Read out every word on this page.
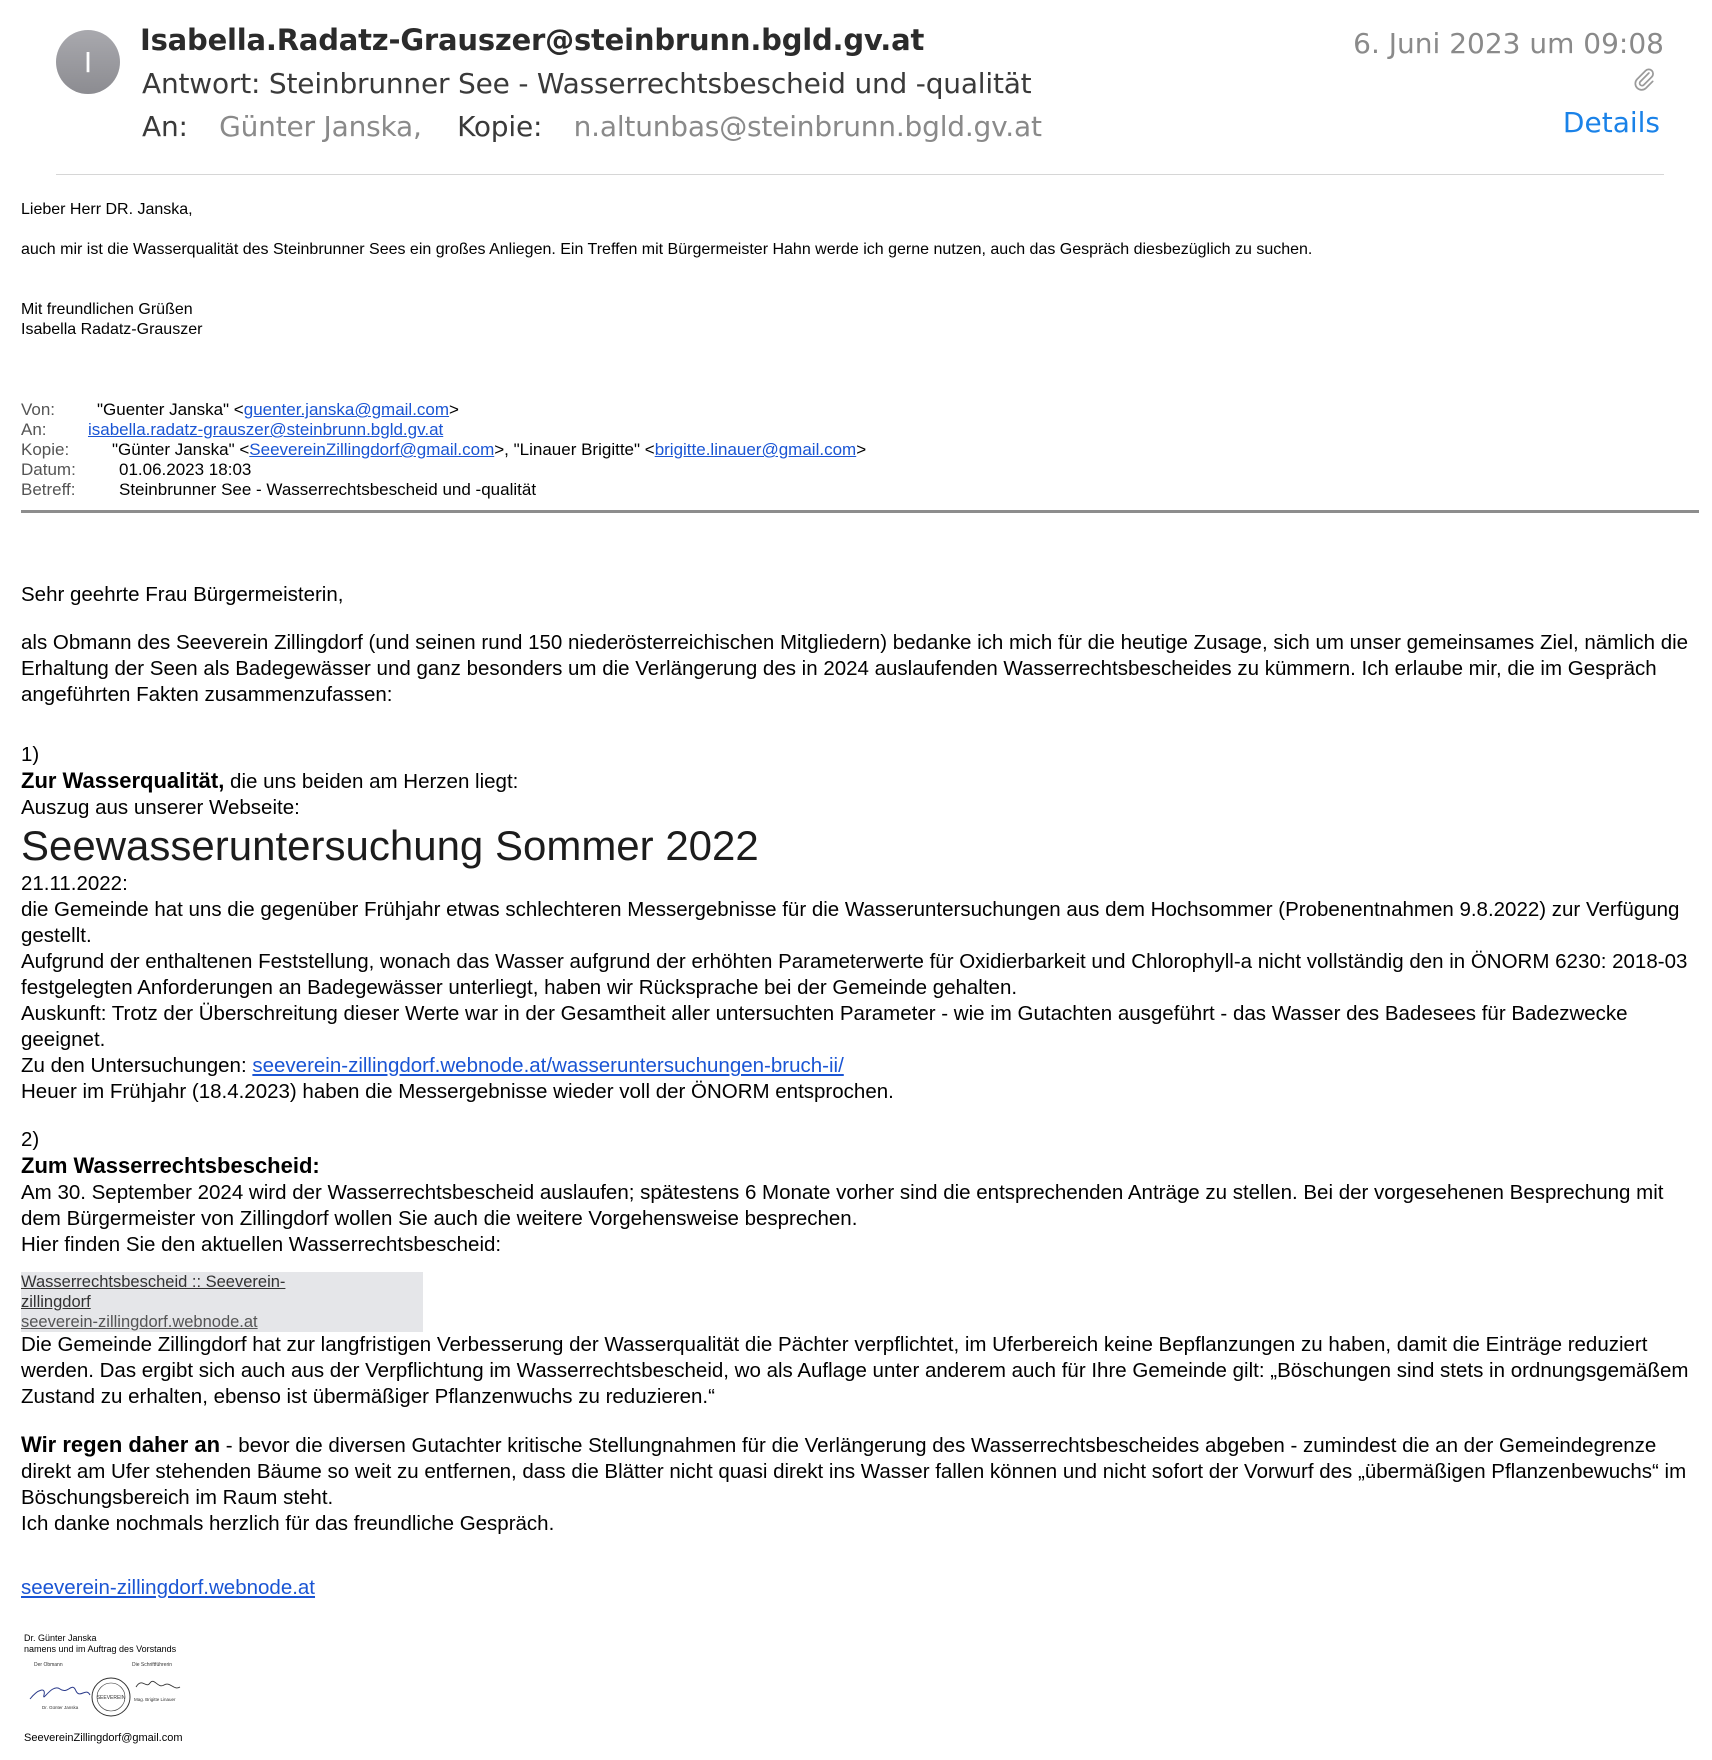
I
Isabella.Radatz-Grauszer@steinbrunn.bgld.gv.at
Antwort: Steinbrunner See - Wasserrechtsbescheid und -qualität
An: Günter Janska, Kopie: n.altunbas@steinbrunn.bgld.gv.at
6. Juni 2023 um 09:08
Details
Lieber Herr DR. Janska,
auch mir ist die Wasserqualität des Steinbrunner Sees ein großes Anliegen. Ein Treffen mit Bürgermeister Hahn werde ich gerne nutzen, auch das Gespräch diesbezüglich zu suchen.
Mit freundlichen Grüßen
Isabella Radatz-Grauszer
Von: "Guenter Janska" <guenter.janska@gmail.com>
An: isabella.radatz-grauszer@steinbrunn.bgld.gv.at
Kopie:	"Günter Janska" <SeevereinZillingdorf@gmail.com>, "Linauer Brigitte" <brigitte.linauer@gmail.com>
Datum:	01.06.2023 18:03
Betreff:	Steinbrunner See - Wasserrechtsbescheid und -qualität

Sehr geehrte Frau Bürgermeisterin,

als Obmann des Seeverein Zillingdorf (und seinen rund 150 niederösterreichischen Mitgliedern) bedanke ich mich für die heutige Zusage, sich um unser gemeinsames Ziel, nämlich die Erhaltung der Seen als Badegewässer und ganz besonders um die Verlängerung des in 2024 auslaufenden Wasserrechtsbescheides zu kümmern. Ich erlaube mir, die im Gespräch angeführten Fakten zusammenzufassen:

1)

Zur Wasserqualität, die uns beiden am Herzen liegt:

Auszug aus unserer Webseite:

Seewasseruntersuchung Sommer 2022

21.11.2022:

die Gemeinde hat uns die gegenüber Frühjahr etwas schlechteren Messergebnisse für die Wasseruntersuchungen aus dem Hochsommer (Probenentnahmen 9.8.2022) zur Verfügung gestellt.

Aufgrund der enthaltenen Feststellung, wonach das Wasser aufgrund der erhöhten Parameterwerte für Oxidierbarkeit und Chlorophyll-a nicht vollständig den in ÖNORM 6230: 2018-03 festgelegten Anforderungen an Badegewässer unterliegt, haben wir Rücksprache bei der Gemeinde gehalten.

Auskunft: Trotz der Überschreitung dieser Werte war in der Gesamtheit aller untersuchten Parameter - wie im Gutachten ausgeführt - das Wasser des Badesees für Badezwecke geeignet.

Zu den Untersuchungen: seeverein-zillingdorf.webnode.at/wasseruntersuchungen-bruch-ii/

Heuer im Frühjahr (18.4.2023) haben die Messergebnisse wieder voll der ÖNORM entsprochen.

2)

Zum Wasserrechtsbescheid:

Am 30. September 2024 wird der Wasserrechtsbescheid auslaufen; spätestens 6 Monate vorher sind die entsprechenden Anträge zu stellen. Bei der vorgesehenen Besprechung mit dem Bürgermeister von Zillingdorf wollen Sie auch die weitere Vorgehensweise besprechen.

Hier finden Sie den aktuellen Wasserrechtsbescheid:

Wasserrechtsbescheid :: Seeverein-
zillingdorf
seeverein-zillingdorf.webnode.at

Die Gemeinde Zillingdorf hat zur langfristigen Verbesserung der Wasserqualität die Pächter verpflichtet, im Uferbereich keine Bepflanzungen zu haben, damit die Einträge reduziert werden. Das ergibt sich auch aus der Verpflichtung im Wasserrechtsbescheid, wo als Auflage unter anderem auch für Ihre Gemeinde gilt: „Böschungen sind stets in ordnungsgemäßem Zustand zu erhalten, ebenso ist übermäßiger Pflanzenwuchs zu reduzieren.“

Wir regen daher an - bevor die diversen Gutachter kritische Stellungnahmen für die Verlängerung des Wasserrechtsbescheides abgeben - zumindest die an der Gemeindegrenze direkt am Ufer stehenden Bäume so weit zu entfernen, dass die Blätter nicht quasi direkt ins Wasser fallen können und nicht sofort der Vorwurf des „übermäßigen Pflanzenbewuchs“ im Böschungsbereich im Raum steht.

Ich danke nochmals herzlich für das freundliche Gespräch.

seeverein-zillingdorf.webnode.at

Dr. Günter Janska
namens und im Auftrag des Vorstands
Der Obmann	Die Schriftführerin
Dr. Günter Janska
SEEVEREIN Mag. Brigitte Linauer
SeevereinZillingdorf@gmail.com
